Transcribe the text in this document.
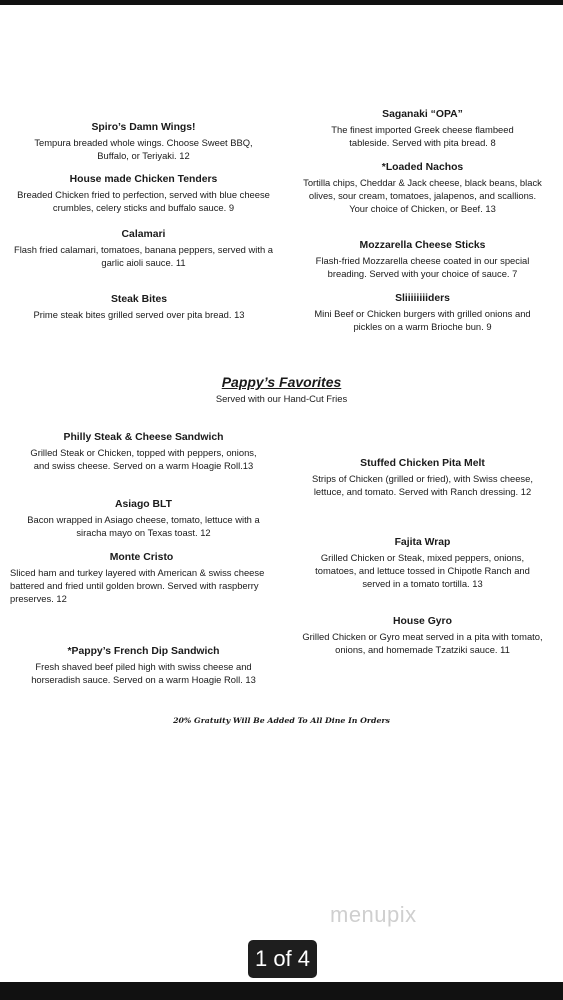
Spiro’s Damn Wings!
Tempura breaded whole wings. Choose Sweet BBQ, Buffalo, or Teriyaki. 12
House made Chicken Tenders
Breaded Chicken fried to perfection, served with blue cheese crumbles, celery sticks and buffalo sauce. 9
Calamari
Flash fried calamari, tomatoes, banana peppers, served with a garlic aioli sauce. 11
Steak Bites
Prime steak bites grilled served over pita bread. 13
Saganaki “OPA”
The finest imported Greek cheese flambeed tableside. Served with pita bread. 8
*Loaded Nachos
Tortilla chips, Cheddar & Jack cheese, black beans, black olives, sour cream, tomatoes, jalapenos, and scallions. Your choice of Chicken, or Beef. 13
Mozzarella Cheese Sticks
Flash-fried Mozzarella cheese coated in our special breading. Served with your choice of sauce. 7
Sliiiiiiiiders
Mini Beef or Chicken burgers with grilled onions and pickles on a warm Brioche bun. 9
Pappy’s Favorites
Served with our Hand-Cut Fries
Philly Steak & Cheese Sandwich
Grilled Steak or Chicken, topped with peppers, onions, and swiss cheese. Served on a warm Hoagie Roll.13
Asiago BLT
Bacon wrapped in Asiago cheese, tomato, lettuce with a siracha mayo on Texas toast. 12
Monte Cristo
Sliced ham and turkey layered with American & swiss cheese battered and fried until golden brown. Served with raspberry preserves. 12
*Pappy’s French Dip Sandwich
Fresh shaved beef piled high with swiss cheese and horseradish sauce. Served on a warm Hoagie Roll. 13
Stuffed Chicken Pita Melt
Strips of Chicken (grilled or fried), with Swiss cheese, lettuce, and tomato. Served with Ranch dressing. 12
Fajita Wrap
Grilled Chicken or Steak, mixed peppers, onions, tomatoes, and lettuce tossed in Chipotle Ranch and served in a tomato tortilla. 13
House Gyro
Grilled Chicken or Gyro meat served in a pita with tomato, onions, and homemade Tzatziki sauce. 11
20% Gratuity Will Be Added To All Dine In Orders
menupix
1 of 4
